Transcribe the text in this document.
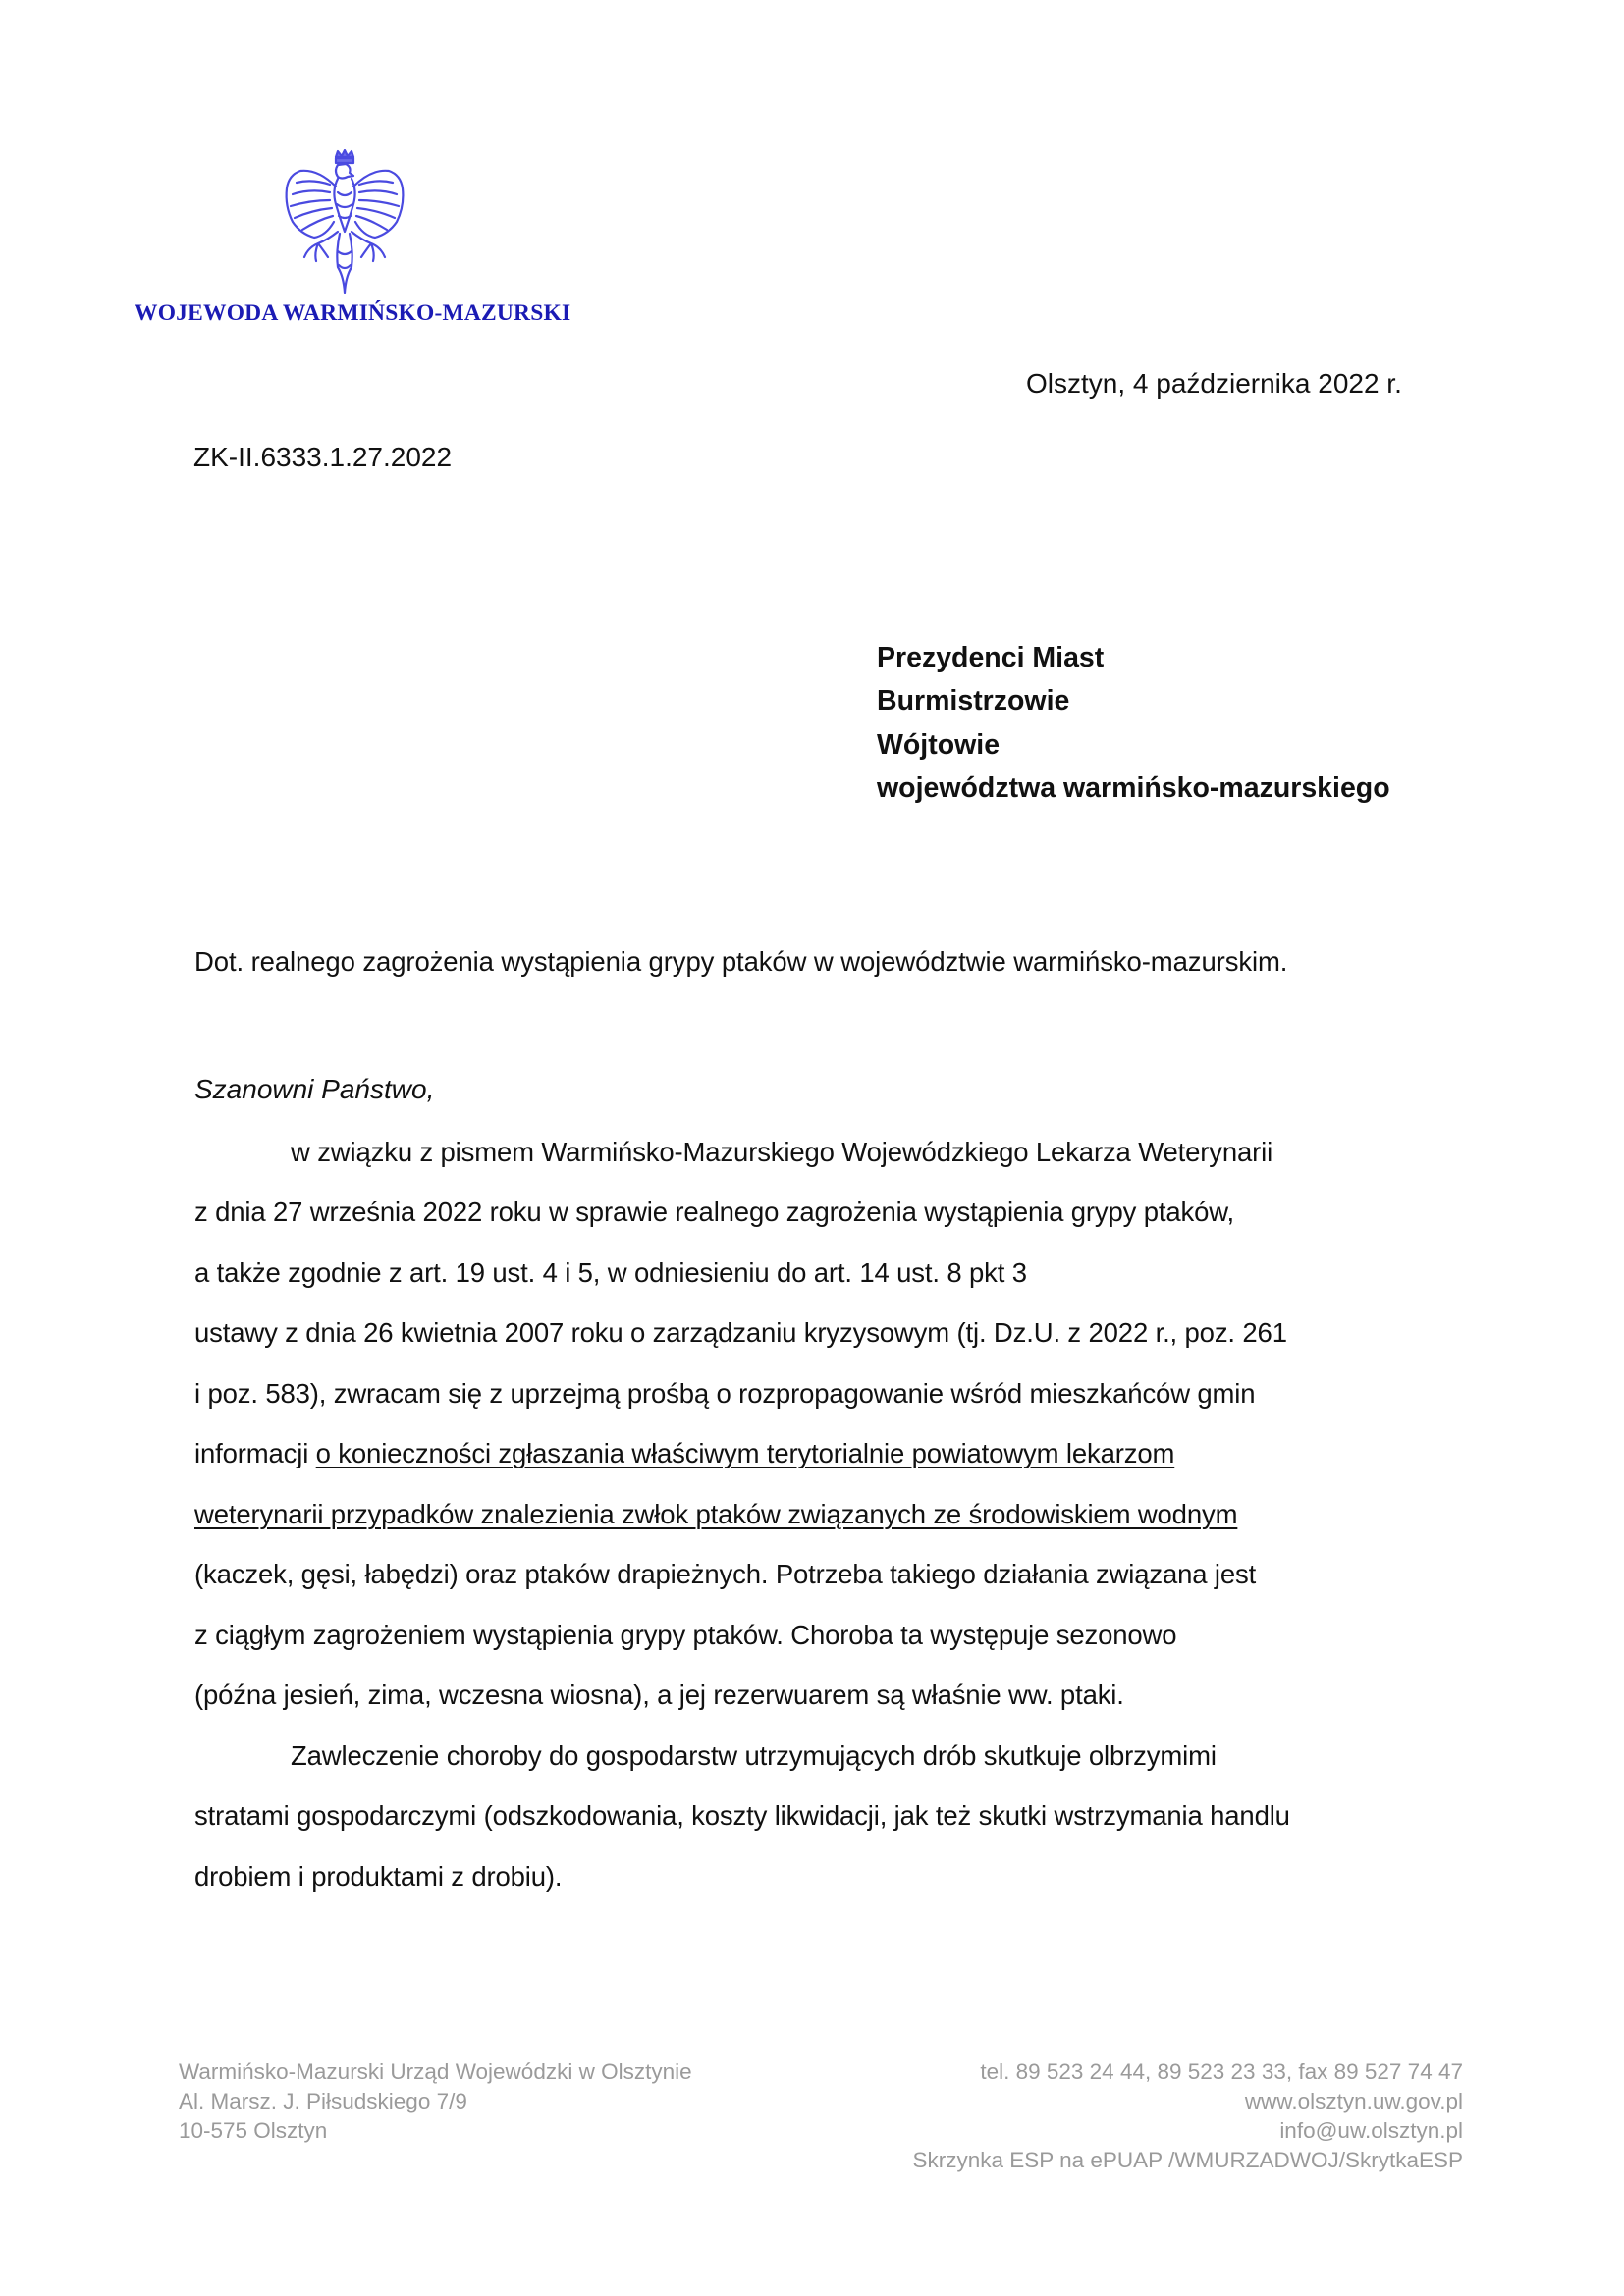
WOJEWODA WARMIŃSKO-MAZURSKI
Olsztyn, 4 października 2022 r.
ZK-II.6333.1.27.2022
Prezydenci Miast
Burmistrzowie
Wójtowie
województwa warmińsko-mazurskiego
Dot. realnego zagrożenia wystąpienia grypy ptaków w województwie warmińsko-mazurskim.
Szanowni Państwo,
w związku z pismem Warmińsko-Mazurskiego Wojewódzkiego Lekarza Weterynarii
z dnia 27 września 2022 roku w sprawie realnego zagrożenia wystąpienia grypy ptaków,
a także zgodnie z art. 19 ust. 4 i 5, w odniesieniu do art. 14 ust. 8 pkt 3
ustawy z dnia 26 kwietnia 2007 roku o zarządzaniu kryzysowym (tj. Dz.U. z 2022 r., poz. 261
i poz. 583), zwracam się z uprzejmą prośbą o rozpropagowanie wśród mieszkańców gmin
informacji o konieczności zgłaszania właściwym terytorialnie powiatowym lekarzom
weterynarii przypadków znalezienia zwłok ptaków związanych ze środowiskiem wodnym
(kaczek, gęsi, łabędzi) oraz ptaków drapieżnych. Potrzeba takiego działania związana jest
z ciągłym zagrożeniem wystąpienia grypy ptaków. Choroba ta występuje sezonowo
(późna jesień, zima, wczesna wiosna), a jej rezerwuarem są właśnie ww. ptaki.
Zawleczenie choroby do gospodarstw utrzymujących drób skutkuje olbrzymimi
stratami gospodarczymi (odszkodowania, koszty likwidacji, jak też skutki wstrzymania handlu
drobiem i produktami z drobiu).
Warmińsko-Mazurski Urząd Wojewódzki w Olsztynie
Al. Marsz. J. Piłsudskiego 7/9
10-575 Olsztyn
tel. 89 523 24 44, 89 523 23 33, fax 89 527 74 47
www.olsztyn.uw.gov.pl
info@uw.olsztyn.pl
Skrzynka ESP na ePUAP /WMURZADWOJ/SkrytkaESP
